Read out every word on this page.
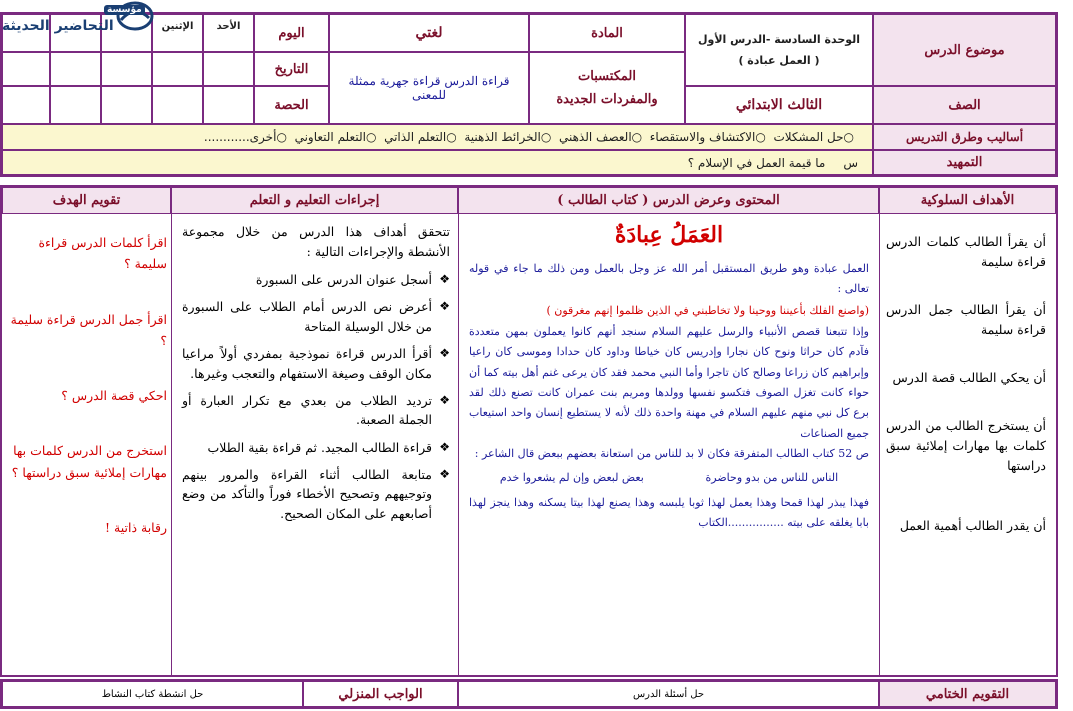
موضوع الدرس
الوحدة السادسة -الدرس الأول
( العمل عبادة )
المادة
لغتي
المكتسبات
والمفردات الجديدة
قراءة الدرس قراءة جهرية ممثلة للمعنى
الصف
الثالث الابتدائي
اليوم
التاريخ
الحصة
الأحد
الإثنين
أساليب وطرق التدريس
○حل المشكلات
○الاكتشاف والاستقصاء
○العصف الذهني
○الخرائط الذهنية
○التعلم الذاتي
○التعلم التعاوني
○أخرى............
التمهيد
س
ما قيمة العمل في الإسلام ؟
مؤسسة
التحاضير الحديثة
الأهداف السلوكية
المحتوى وعرض الدرس ( كتاب الطالب )
إجراءات التعليم و التعلم
تقويم الهدف

أن يقرأ الطالب كلمات الدرس قراءة سليمة

أن يقرأ الطالب جمل الدرس قراءة سليمة

أن يحكي الطالب قصة الدرس

أن يستخرج الطالب من الدرس كلمات بها مهارات إملائية سبق دراستها

أن يقدر الطالب أهمية العمل

العَمَلُ عِبادَةٌ
العمل عبادة وهو طريق المستقبل أمر الله عز وجل بالعمل ومن ذلك ما جاء في قوله تعالى :
(واصنع الفلك بأعيننا ووحينا ولا تخاطبني في الذين ظلموا إنهم مغرقون )
وإذا تتبعنا قصص الأنبياء والرسل عليهم السلام سنجد أنهم كانوا يعملون بمهن متعددة فآدم كان حراثا ونوح كان نجارا وإدريس كان خياطا وداود كان حدادا وموسى كان راعيا وإبراهيم كان زراعا وصالح كان تاجرا وأما النبي محمد فقد كان يرعى غنم أهل بيته كما أن حواء كانت تغزل الصوف فتكسو نفسها وولدها ومريم بنت عمران كانت تصنع ذلك لقد برع كل نبي منهم عليهم السلام في مهنة واحدة ذلك لأنه لا يستطيع إنسان واحد استيعاب جميع الصناعات
ص 52 كتاب الطالب المتفرقة فكان لا بد للناس من استعانة بعضهم ببعض قال الشاعر :
الناس للناس من بدو وحاضرة
بعض لبعض وإن لم يشعروا خدم
فهذا يبذر لهذا قمحا وهذا يعمل لهذا ثوبا يلبسه وهذا يصنع لهذا بيتا يسكنه وهذا ينجز لهذا بابا يغلقه على بيته ................الكتاب
تتحقق أهداف هذا الدرس من خلال مجموعة الأنشطة والإجراءات التالية :
❖ أسجل عنوان الدرس على السبورة
❖ أعرض نص الدرس أمام الطلاب على السبورة من خلال الوسيلة المتاحة
❖ أقرأ الدرس قراءة نموذجية بمفردي أولاً مراعيا مكان الوقف وصيغة الاستفهام والتعجب وغيرها.
❖ ترديد الطلاب من بعدي مع تكرار العبارة أو الجملة الصعبة.
❖ قراءة الطالب المجيد. ثم قراءة بقية الطلاب
❖ متابعة الطالب أثناء القراءة والمرور بينهم وتوجيههم وتصحيح الأخطاء فوراً والتأكد من وضع أصابعهم على المكان الصحيح.

اقرأ كلمات الدرس قراءة سليمة ؟

اقرأ جمل الدرس قراءة سليمة ؟

احكي قصة الدرس ؟

استخرج من الدرس كلمات بها مهارات إملائية سبق دراستها ؟

رقابة ذاتية !

التقويم الختامي
حل أسئلة الدرس
الواجب المنزلي
حل انشطة كتاب النشاط
